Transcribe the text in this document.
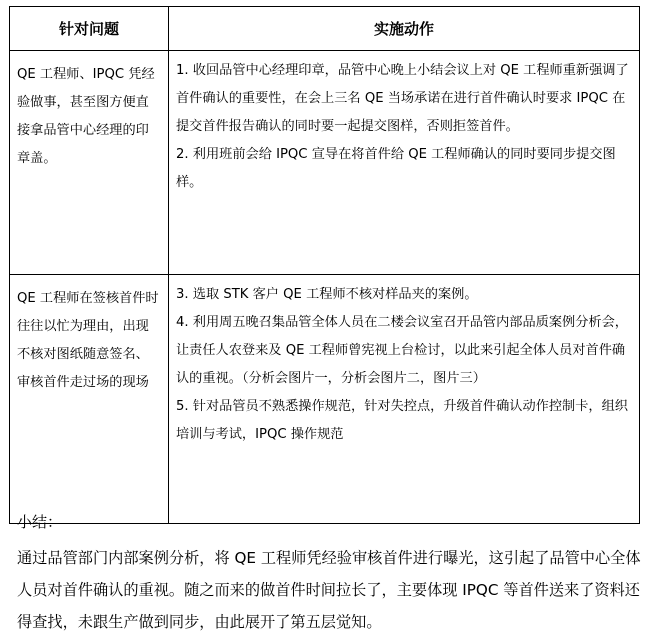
针对问题	实施动作
QE 工程师、IPQC 凭经验做事，甚至图方便直接拿品管中心经理的印章盖。	1. 收回品管中心经理印章，品管中心晚上小结会议上对 QE 工程师重新强调了首件确认的重要性，在会上三名 QE 当场承诺在进行首件确认时要求 IPQC 在提交首件报告确认的同时要一起提交图样，否则拒签首件。
2. 利用班前会给 IPQC 宣导在将首件给 QE 工程师确认的同时要同步提交图样。

QE 工程师在签核首件时往往以忙为理由，出现不核对图纸随意签名、审核首件走过场的现场	3. 选取 STK 客户 QE 工程师不核对样品夹的案例。
4. 利用周五晚召集品管全体人员在二楼会议室召开品管内部品质案例分析会，让责任人农登来及 QE 工程师曾宪视上台检讨，以此来引起全体人员对首件确认的重视。（分析会图片一，分析会图片二，图片三）
5. 针对品管员不熟悉操作规范，针对失控点，升级首件确认动作控制卡，组织培训与考试，IPQC 操作规范
小结：
通过品管部门内部案例分析，将 QE 工程师凭经验审核首件进行曝光，这引起了品管中心全体人员对首件确认的重视。随之而来的做首件时间拉长了，主要体现 IPQC 等首件送来了资料还得查找，未跟生产做到同步，由此展开了第五层觉知。
